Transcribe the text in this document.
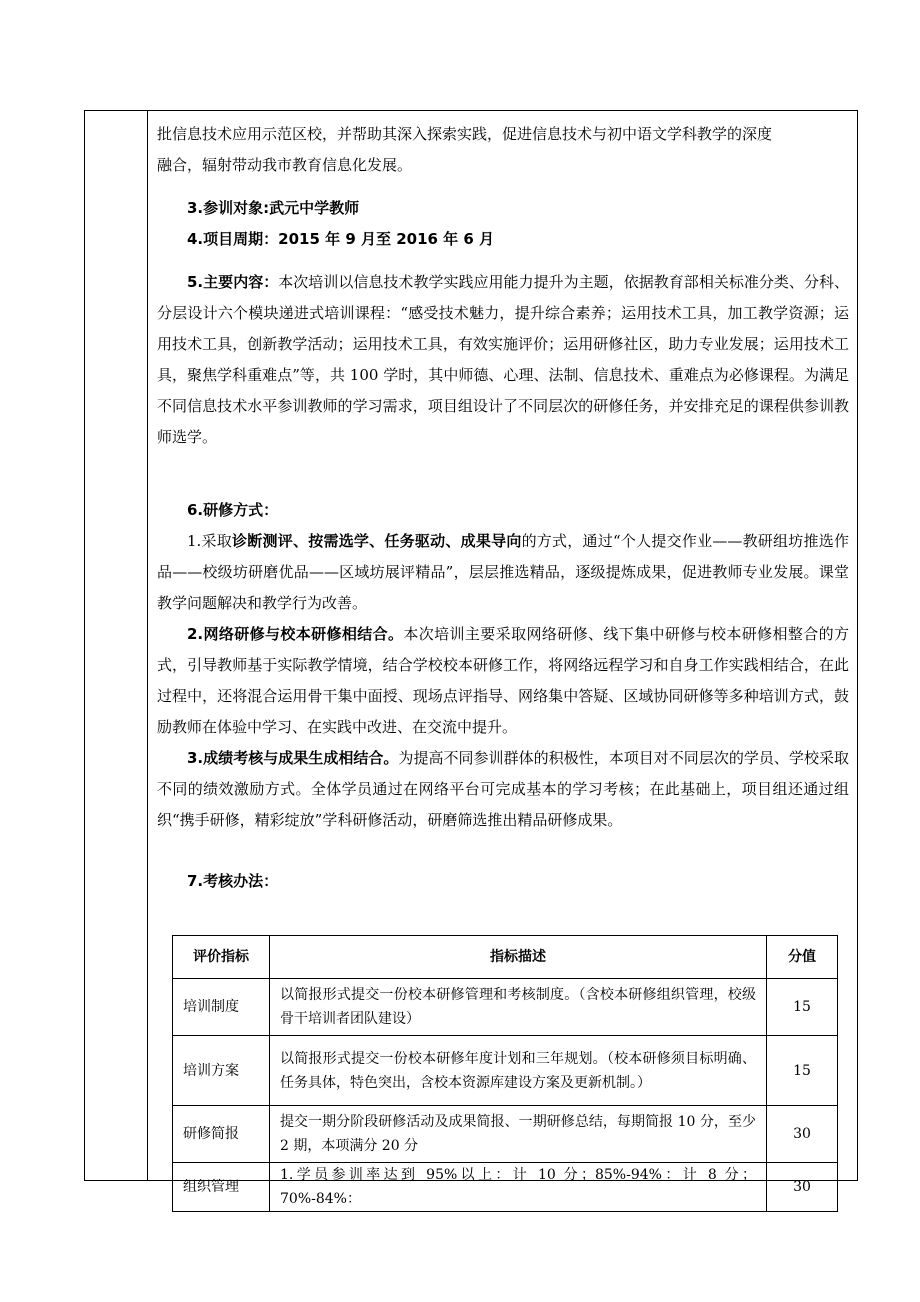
批信息技术应用示范区校，并帮助其深入探索实践，促进信息技术与初中语文学科教学的深度

融合，辐射带动我市教育信息化发展。

3.参训对象:武元中学教师

4.项目周期：2015 年 9 月至 2016 年 6 月

5.主要内容：本次培训以信息技术教学实践应用能力提升为主题，依据教育部相关标准分类、分科、分层设计六个模块递进式培训课程：“感受技术魅力，提升综合素养；运用技术工具，加工教学资源；运用技术工具，创新教学活动；运用技术工具，有效实施评价；运用研修社区，助力专业发展；运用技术工具，聚焦学科重难点”等，共 100 学时，其中师德、心理、法制、信息技术、重难点为必修课程。为满足不同信息技术水平参训教师的学习需求，项目组设计了不同层次的研修任务，并安排充足的课程供参训教师选学。

6.研修方式：

1.采取诊断测评、按需选学、任务驱动、成果导向的方式，通过“个人提交作业——教研组坊推选作品——校级坊研磨优品——区域坊展评精品”，层层推选精品，逐级提炼成果，促进教师专业发展。课堂教学问题解决和教学行为改善。

2.网络研修与校本研修相结合。本次培训主要采取网络研修、线下集中研修与校本研修相整合的方式，引导教师基于实际教学情境，结合学校校本研修工作，将网络远程学习和自身工作实践相结合，在此过程中，还将混合运用骨干集中面授、现场点评指导、网络集中答疑、区域协同研修等多种培训方式，鼓励教师在体验中学习、在实践中改进、在交流中提升。

3.成绩考核与成果生成相结合。为提高不同参训群体的积极性，本项目对不同层次的学员、学校采取不同的绩效激励方式。全体学员通过在网络平台可完成基本的学习考核；在此基础上，项目组还通过组织“携手研修，精彩绽放”学科研修活动，研磨筛选推出精品研修成果。

7.考核办法：

评价指标	指标描述	分值
培训制度	以简报形式提交一份校本研修管理和考核制度。（含校本研修组织管理，校级骨干培训者团队建设）	15
培训方案	以简报形式提交一份校本研修年度计划和三年规划。（校本研修须目标明确、任务具体，特色突出，含校本资源库建设方案及更新机制。）	15
研修简报	提交一期分阶段研修活动及成果简报、一期研修总结，每期简报 10 分，至少 2 期，本项满分 20 分	30
组织管理	1.学员参训率达到 95%以上：计 10 分；85%-94%：计 8 分；70%-84%：	30
